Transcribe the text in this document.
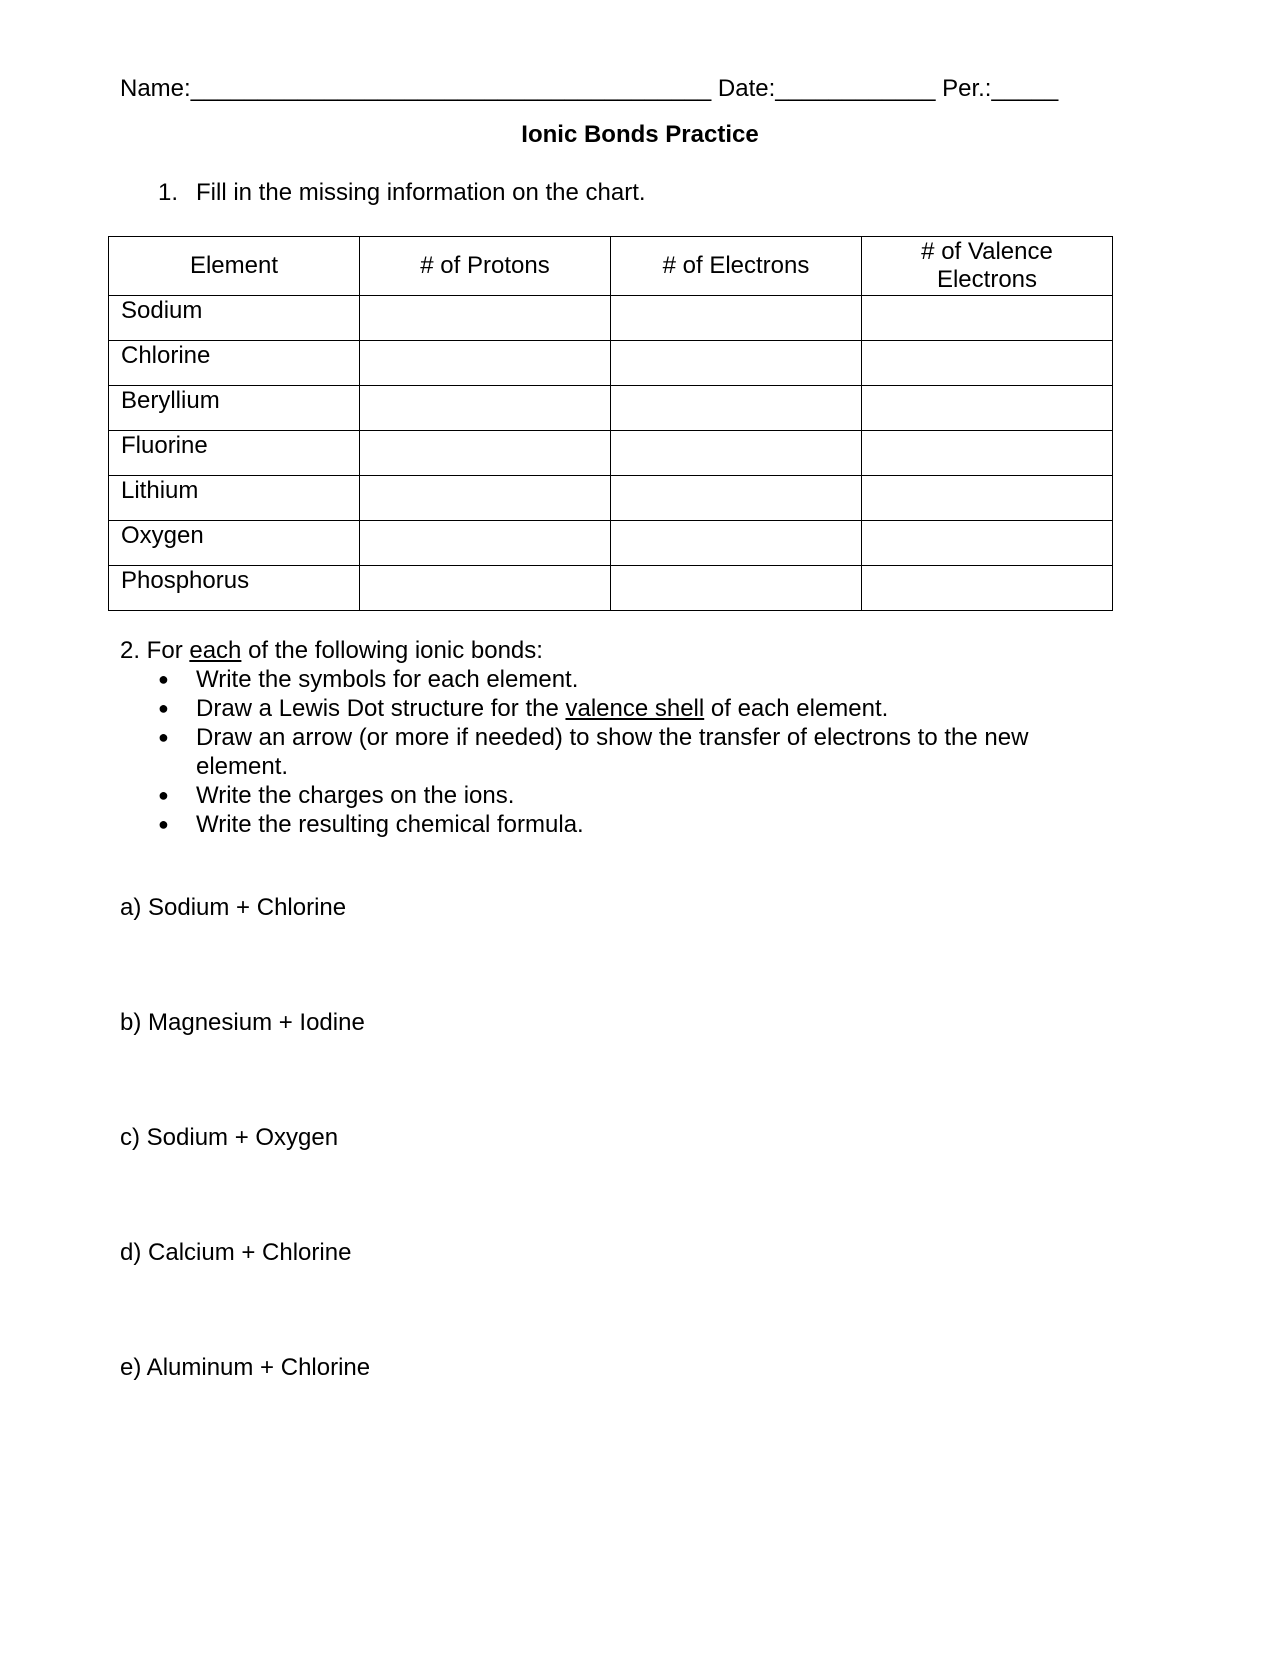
Name:_______________________________________ Date:____________ Per.:_____
Ionic Bonds Practice
1. Fill in the missing information on the chart.
Element	# of Protons	# of Electrons	# of Valence Electrons
Sodium			
Chlorine			
Beryllium			
Fluorine			
Lithium			
Oxygen			
Phosphorus			
2. For each of the following ionic bonds:
● Write the symbols for each element.
● Draw a Lewis Dot structure for the valence shell of each element.
● Draw an arrow (or more if needed) to show the transfer of electrons to the new element.
● Write the charges on the ions.
● Write the resulting chemical formula.
a) Sodium + Chlorine
b) Magnesium + Iodine
c) Sodium + Oxygen
d) Calcium + Chlorine
e) Aluminum + Chlorine
